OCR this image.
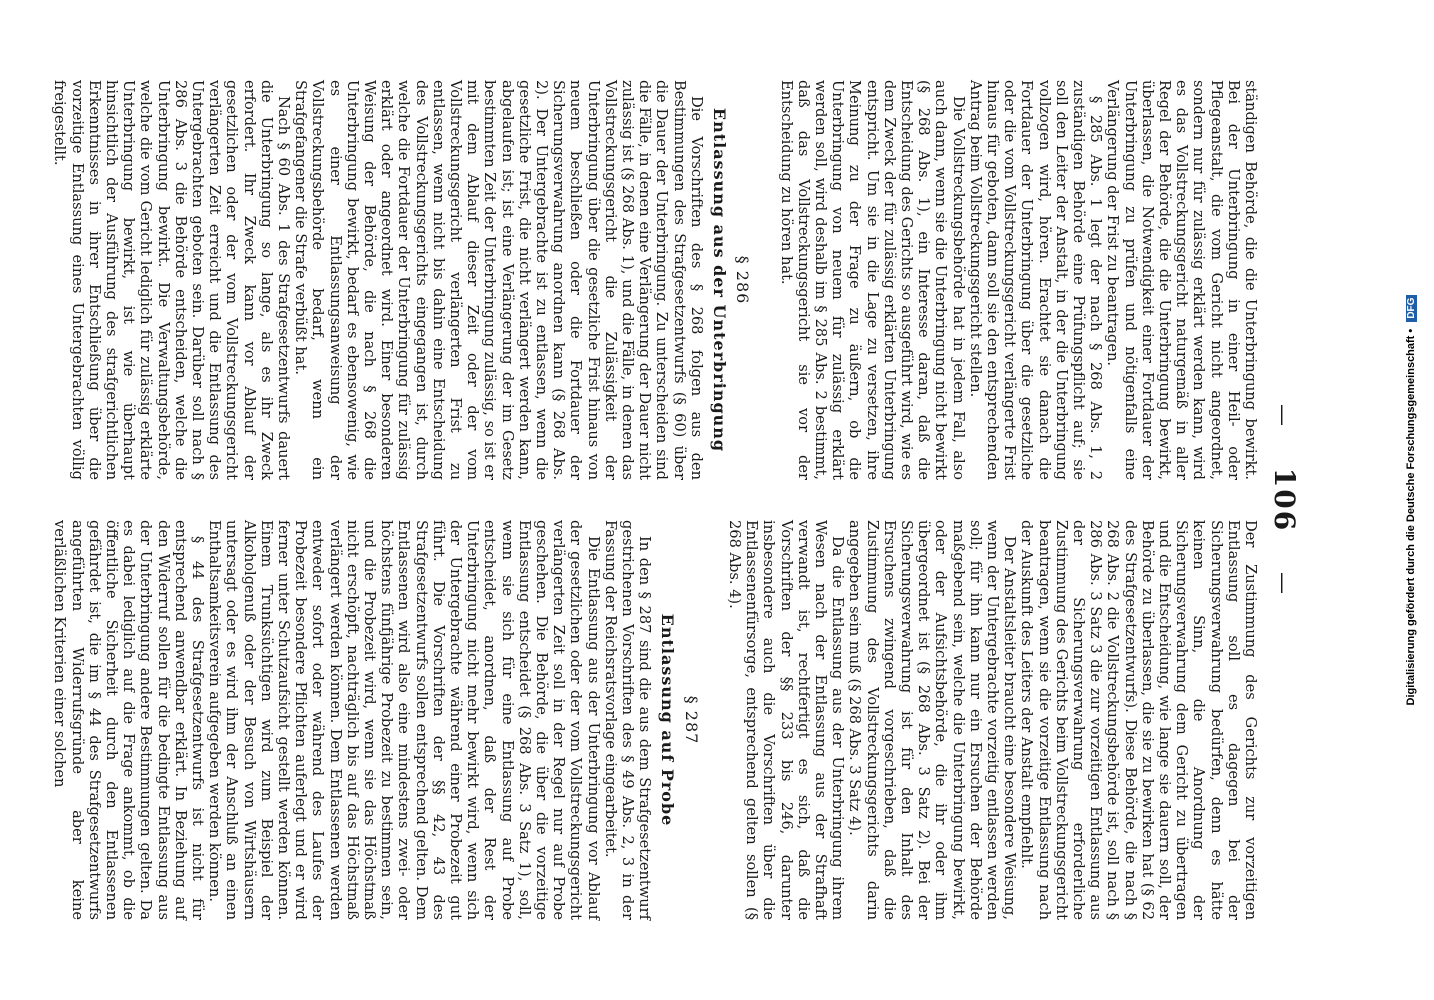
— 106 —

ständigen Behörde, die die Unterbringung bewirkt. Bei der Unterbringung in einer Heil- oder Pflegeanstalt, die vom Gericht nicht angeordnet, sondern nur für zulässig erklärt werden kann, wird es das Vollstreckungsgericht naturgemäß in aller Regel der Behörde, die die Unterbringung bewirkt, überlassen, die Notwendigkeit einer Fortdauer der Unterbringung zu prüfen und nötigenfalls eine Verlängerung der Frist zu beantragen.

§ 285 Abs. 1 legt der nach § 268 Abs. 1, 2 zuständigen Behörde eine Prüfungspflicht auf; sie soll den Leiter der Anstalt, in der die Unterbringung vollzogen wird, hören. Erachtet sie danach die Fortdauer der Unterbringung über die gesetzliche oder die vom Vollstreckungsgericht verlängerte Frist hinaus für geboten, dann soll sie den entsprechenden Antrag beim Vollstreckungsgericht stellen.

Die Vollstreckungsbehörde hat in jedem Fall, also auch dann, wenn sie die Unterbringung nicht bewirkt (§ 268 Abs. 1), ein Interesse daran, daß die Entscheidung des Gerichts so ausgeführt wird, wie es dem Zweck der für zulässig erklärten Unterbringung entspricht. Um sie in die Lage zu versetzen, ihre Meinung zu der Frage zu äußern, ob die Unterbringung von neuem für zulässig erklärt werden soll, wird deshalb im § 285 Abs. 2 bestimmt, daß das Vollstreckungsgericht sie vor der Entscheidung zu hören hat.

§ 286
Entlassung aus der Unterbringung

Die Vorschriften des § 268 folgen aus den Bestimmungen des Strafgesetzentwurfs (§ 60) über die Dauer der Unterbringung. Zu unterscheiden sind die Fälle, in denen eine Verlängerung der Dauer nicht zulässig ist (§ 268 Abs. 1), und die Fälle, in denen das Vollstreckungsgericht die Zulässigkeit der Unterbringung über die gesetzliche Frist hinaus von neuem beschließen oder die Fortdauer der Sicherungsverwahrung anordnen kann (§ 268 Abs. 2). Der Untergebrachte ist zu entlassen, wenn die gesetzliche Frist, die nicht verlängert werden kann, abgelaufen ist; ist eine Verlängerung der im Gesetz bestimmten Zeit der Unterbringung zulässig, so ist er mit dem Ablauf dieser Zeit oder der vom Vollstreckungsgericht verlängerten Frist zu entlassen, wenn nicht bis dahin eine Entscheidung des Vollstreckungsgerichts eingegangen ist, durch welche die Fortdauer der Unterbringung für zulässig erklärt oder angeordnet wird. Einer besonderen Weisung der Behörde, die nach § 268 die Unterbringung bewirkt, bedarf es ebensowenig, wie es einer Entlassungsanweisung der Vollstreckungsbehörde bedarf, wenn ein Strafgefangener die Strafe verbüßt hat.

Nach § 60 Abs. 1 des Strafgesetzentwurfs dauert die Unterbringung so lange, als es ihr Zweck erfordert. Ihr Zweck kann vor Ablauf der gesetzlichen oder der vom Vollstreckungsgericht verlängerten Zeit erreicht und die Entlassung des Untergebrachten geboten sein. Darüber soll nach § 286 Abs. 3 die Behörde entscheiden, welche die Unterbringung bewirkt. Die Verwaltungsbehörde, welche die vom Gericht lediglich für zulässig erklärte Unterbringung bewirkt, ist wie überhaupt hinsichtlich der Ausführung des strafgerichtlichen Erkenntnisses in ihrer Entschließung über die vorzeitige Entlassung eines Untergebrachten völlig freigestellt.

Der Zustimmung des Gerichts zur vorzeitigen Entlassung soll es dagegen bei der Sicherungsverwahrung bedürfen, denn es hätte keinen Sinn, die Anordnung der Sicherungsverwahrung dem Gericht zu übertragen und die Entscheidung, wie lange sie dauern soll, der Behörde zu überlassen, die sie zu bewirken hat (§ 62 des Strafgesetzentwurfs). Diese Behörde, die nach § 268 Abs. 2 die Vollstreckungsbehörde ist, soll nach § 286 Abs. 3 Satz 3 die zur vorzeitigen Entlassung aus der Sicherungsverwahrung erforderliche Zustimmung des Gerichts beim Vollstreckungsgericht beantragen, wenn sie die vorzeitige Entlassung nach der Auskunft des Leiters der Anstalt empfiehlt.

Der Anstaltsleiter braucht eine besondere Weisung, wenn der Untergebrachte vorzeitig entlassen werden soll; für ihn kann nur ein Ersuchen der Behörde maßgebend sein, welche die Unterbringung bewirkt, oder der Aufsichtsbehörde, die ihr oder ihm übergeordnet ist (§ 268 Abs. 3 Satz 2). Bei der Sicherungsverwahrung ist für den Inhalt des Ersuchens zwingend vorgeschrieben, daß die Zustimmung des Vollstreckungsgerichts darin angegeben sein muß (§ 268 Abs. 3 Satz 4).

Da die Entlassung aus der Unterbringung ihrem Wesen nach der Entlassung aus der Strafhaft verwandt ist, rechtfertigt es sich, daß die Vorschriften der §§ 233 bis 246, darunter insbesondere auch die Vorschriften über die Entlassenenfürsorge, entsprechend gelten sollen (§ 268 Abs. 4).

§ 287
Entlassung auf Probe

In den § 287 sind die aus dem Strafgesetzentwurf gestrichenen Vorschriften des § 49 Abs. 2, 3 in der Fassung der Reichsratsvorlage eingearbeitet.

Die Entlassung aus der Unterbringung vor Ablauf der gesetzlichen oder der vom Vollstreckungsgericht verlängerten Zeit soll in der Regel nur auf Probe geschehen. Die Behörde, die über die vorzeitige Entlassung entscheidet (§ 268 Abs. 3 Satz 1), soll, wenn sie sich für eine Entlassung auf Probe entscheidet, anordnen, daß der Rest der Unterbringung nicht mehr bewirkt wird, wenn sich der Untergebrachte während einer Probezeit gut führt. Die Vorschriften der §§ 42, 43 des Strafgesetzentwurfs sollen entsprechend gelten. Dem Entlassenen wird also eine mindestens zwei- oder höchstens fünfjährige Probezeit zu bestimmen sein, und die Probezeit wird, wenn sie das Höchstmaß nicht erschöpft, nachträglich bis auf das Höchstmaß verlängert werden können. Dem Entlassenen werden entweder sofort oder während des Laufes der Probezeit besondere Pflichten auferlegt und er wird ferner unter Schutzaufsicht gestellt werden können. Einem Trunksüchtigen wird zum Beispiel der Alkoholgenuß oder der Besuch von Wirtshäusern untersagt oder es wird ihm der Anschluß an einen Enthaltsamkeitsverein aufgegeben werden können.

§ 44 des Strafgesetzentwurfs ist nicht für entsprechend anwendbar erklärt. In Beziehung auf den Widerruf sollen für die bedingte Entlassung aus der Unterbringung andere Bestimmungen gelten. Da es dabei lediglich auf die Frage ankommt, ob die öffentliche Sicherheit durch den Entlassenen gefährdet ist, die im § 44 des Strafgesetzentwurfs angeführten Widerrufsgründe aber keine verläßlichen Kriterien einer solchen	Digitalisierung gefördert durch die Deutsche Forschungsgemeinschaft • DFG
